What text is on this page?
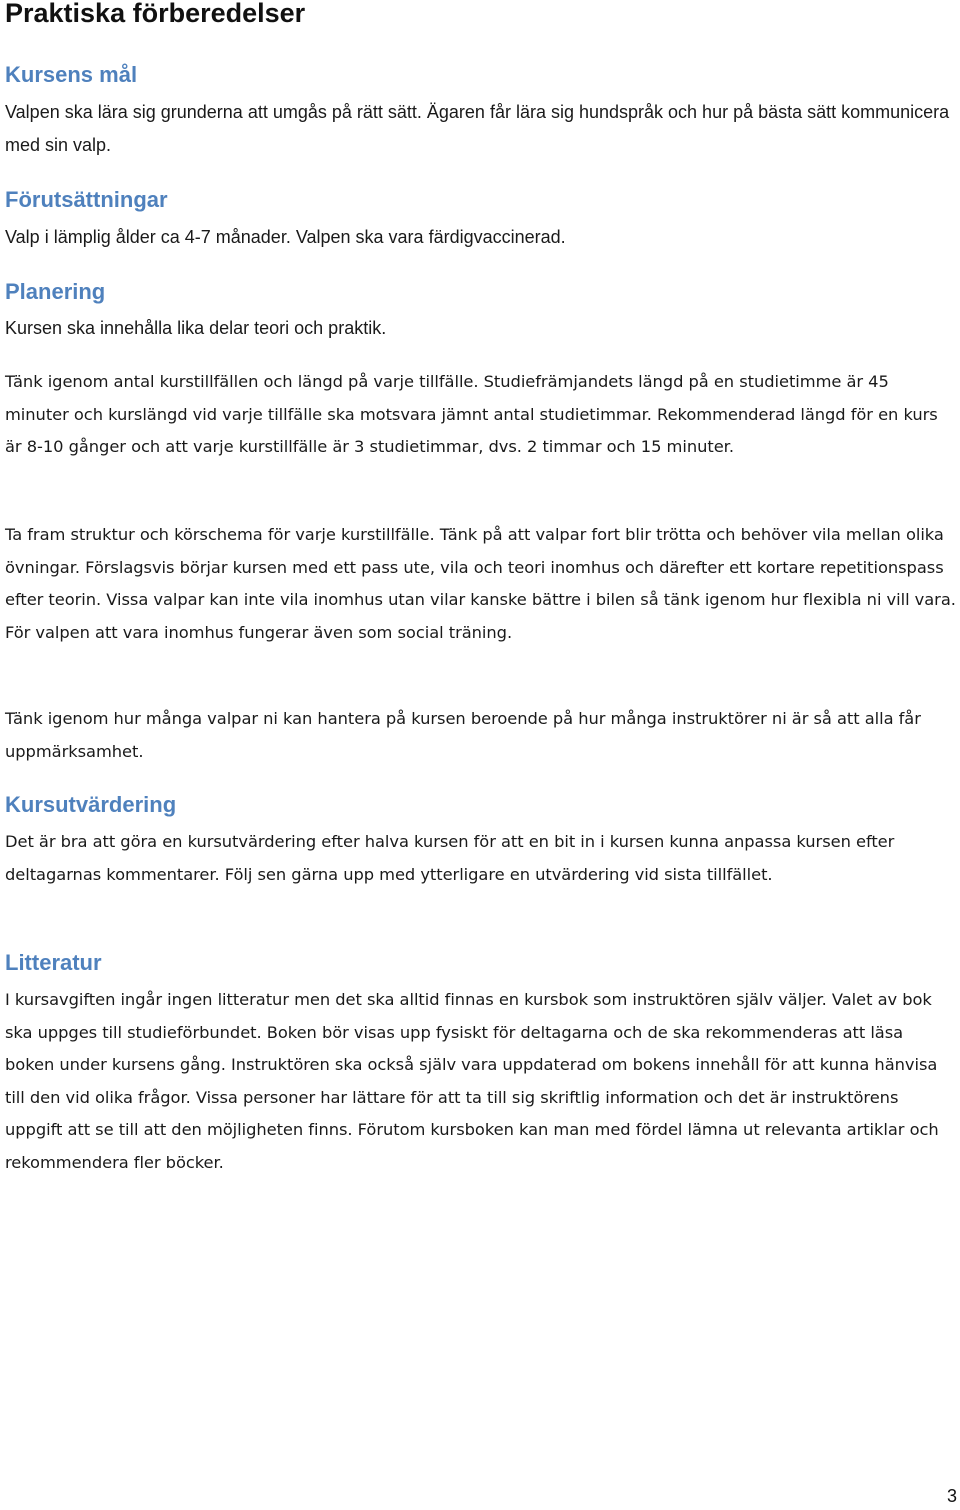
Praktiska förberedelser
Kursens mål

Valpen ska lära sig grunderna att umgås på rätt sätt. Ägaren får lära sig hundspråk och hur på bästa sätt kommunicera med sin valp.

Förutsättningar

Valp i lämplig ålder ca 4-7 månader. Valpen ska vara färdigvaccinerad.

Planering

Kursen ska innehålla lika delar teori och praktik.

Tänk igenom antal kurstillfällen och längd på varje tillfälle. Studiefrämjandets längd på en studietimme är 45 minuter och kurslängd vid varje tillfälle ska motsvara jämnt antal studietimmar. Rekommenderad längd för en kurs är 8-10 gånger och att varje kurstillfälle är 3 studietimmar, dvs. 2 timmar och 15 minuter.

Ta fram struktur och körschema för varje kurstillfälle. Tänk på att valpar fort blir trötta och behöver vila mellan olika övningar. Förslagsvis börjar kursen med ett pass ute, vila och teori inomhus och därefter ett kortare repetitionspass efter teorin. Vissa valpar kan inte vila inomhus utan vilar kanske bättre i bilen så tänk igenom hur flexibla ni vill vara. För valpen att vara inomhus fungerar även som social träning.

Tänk igenom hur många valpar ni kan hantera på kursen beroende på hur många instruktörer ni är så att alla får uppmärksamhet.

Kursutvärdering

Det är bra att göra en kursutvärdering efter halva kursen för att en bit in i kursen kunna anpassa kursen efter deltagarnas kommentarer. Följ sen gärna upp med ytterligare en utvärdering vid sista tillfället.

Litteratur

I kursavgiften ingår ingen litteratur men det ska alltid finnas en kursbok som instruktören själv väljer. Valet av bok ska uppges till studieförbundet. Boken bör visas upp fysiskt för deltagarna och de ska rekommenderas att läsa boken under kursens gång. Instruktören ska också själv vara uppdaterad om bokens innehåll för att kunna hänvisa till den vid olika frågor. Vissa personer har lättare för att ta till sig skriftlig information och det är instruktörens uppgift att se till att den möjligheten finns. Förutom kursboken kan man med fördel lämna ut relevanta artiklar och rekommendera fler böcker.

3
